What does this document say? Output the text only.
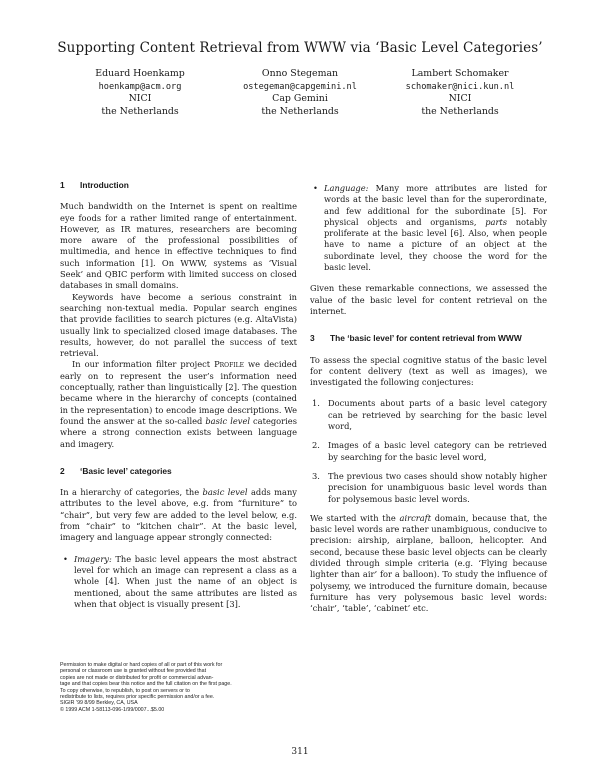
Supporting Content Retrieval from WWW via ‘Basic Level Categories’
Eduard Hoenkamp
hoenkamp@acm.org
NICI
the Netherlands
Onno Stegeman
ostegeman@capgemini.nl
Cap Gemini
the Netherlands
Lambert Schomaker
schomaker@nici.kun.nl
NICI
the Netherlands
1 Introduction

Much bandwidth on the Internet is spent on realtime eye foods for a rather limited range of entertainment. However, as IR matures, researchers are becoming more aware of the professional possibilities of multimedia, and hence in effective techniques to find such information [1]. On WWW, systems as ‘Visual Seek’ and QBIC perform with limited success on closed databases in small domains.

Keywords have become a serious constraint in searching non-textual media. Popular search engines that provide facilities to search pictures (e.g. AltaVista) usually link to specialized closed image databases. The results, however, do not parallel the success of text retrieval.

In our information filter project Profile we decided early on to represent the user’s information need conceptually, rather than linguistically [2]. The question became where in the hierarchy of concepts (contained in the representation) to encode image descriptions. We found the answer at the so-called basic level categories where a strong connection exists between language and imagery.

2 ‘Basic level’ categories

In a hierarchy of categories, the basic level adds many attributes to the level above, e.g. from “furniture” to “chair”, but very few are added to the level below, e.g. from “chair” to “kitchen chair”. At the basic level, imagery and language appear strongly connected:

• Imagery: The basic level appears the most abstract level for which an image can represent a class as a whole [4]. When just the name of an object is mentioned, about the same attributes are listed as when that object is visually present [3].
• Language: Many more attributes are listed for words at the basic level than for the superordinate, and few additional for the subordinate [5]. For physical objects and organisms, parts notably proliferate at the basic level [6]. Also, when people have to name a picture of an object at the subordinate level, they choose the word for the basic level.

Given these remarkable connections, we assessed the value of the basic level for content retrieval on the internet.

3 The ‘basic level’ for content retrieval from WWW

To assess the special cognitive status of the basic level for content delivery (text as well as images), we investigated the following conjectures:

1. Documents about parts of a basic level category can be retrieved by searching for the basic level word,
2. Images of a basic level category can be retrieved by searching for the basic level word,
3. The previous two cases should show notably higher precision for unambiguous basic level words than for polysemous basic level words.

We started with the aircraft domain, because that, the basic level words are rather unambiguous, conducive to precision: airship, airplane, balloon, helicopter. And second, because these basic level objects can be clearly divided through simple criteria (e.g. ‘Flying because lighter than air’ for a balloon). To study the influence of polysemy, we introduced the furniture domain, because furniture has very polysemous basic level words: ‘chair’, ‘table’, ‘cabinet’ etc.

Permission to make digital or hard copies of all or part of this work for
personal or classroom use is granted without fee provided that
copies are not made or distributed for profit or commercial advan-
tage and that copies bear this notice and the full citation on the first page.
To copy otherwise, to republish, to post on servers or to
redistribute to lists, requires prior specific permission and/or a fee.
SIGIR ’99 8/99 Berkley, CA, USA
© 1999 ACM 1-58113-096-1/99/0007...$5.00
311
